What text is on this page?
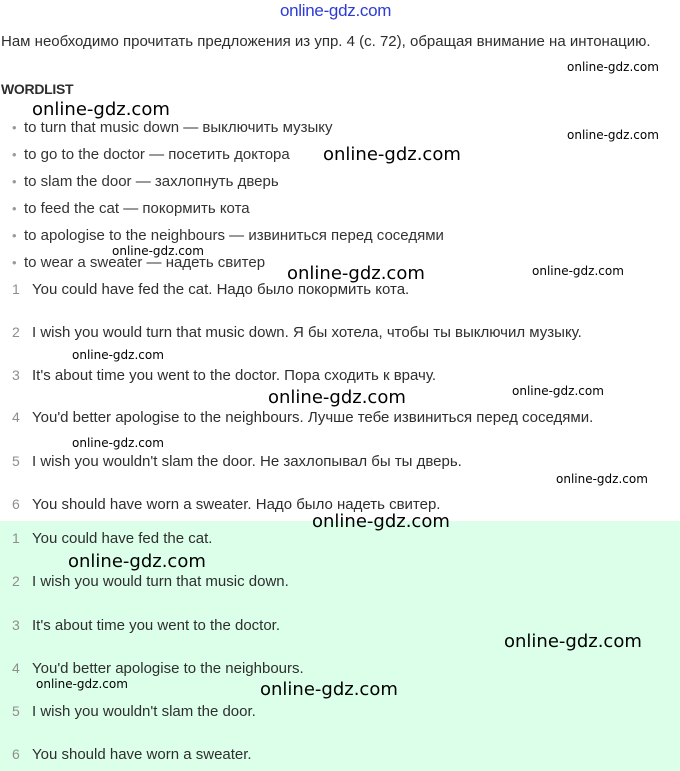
online-gdz.com
Нам необходимо прочитать предложения из упр. 4 (с. 72), обращая внимание на интонацию.
WORDLIST
• to turn that music down — выключить музыку
• to go to the doctor — посетить доктора
• to slam the door — захлопнуть дверь
• to feed the cat — покормить кота
• to apologise to the neighbours — извиниться перед соседями
• to wear a sweater — надеть свитер
1 You could have fed the cat. Надо было покормить кота.
2 I wish you would turn that music down. Я бы хотела, чтобы ты выключил музыку.
3 It's about time you went to the doctor. Пора сходить к врачу.
4 You'd better apologise to the neighbours. Лучше тебе извиниться перед соседями.
5 I wish you wouldn't slam the door. Не захлопывал бы ты дверь.
6 You should have worn a sweater. Надо было надеть свитер.
1 You could have fed the cat.
2 I wish you would turn that music down.
3 It's about time you went to the doctor.
4 You'd better apologise to the neighbours.
5 I wish you wouldn't slam the door.
6 You should have worn a sweater.
online-gdz.com
online-gdz.com
online-gdz.com
online-gdz.com
online-gdz.com
online-gdz.com	online-gdz.com
online-gdz.com
online-gdz.com
online-gdz.com
online-gdz.com
online-gdz.com
online-gdz.com
online-gdz.com
online-gdz.com
online-gdz.com	online-gdz.com
